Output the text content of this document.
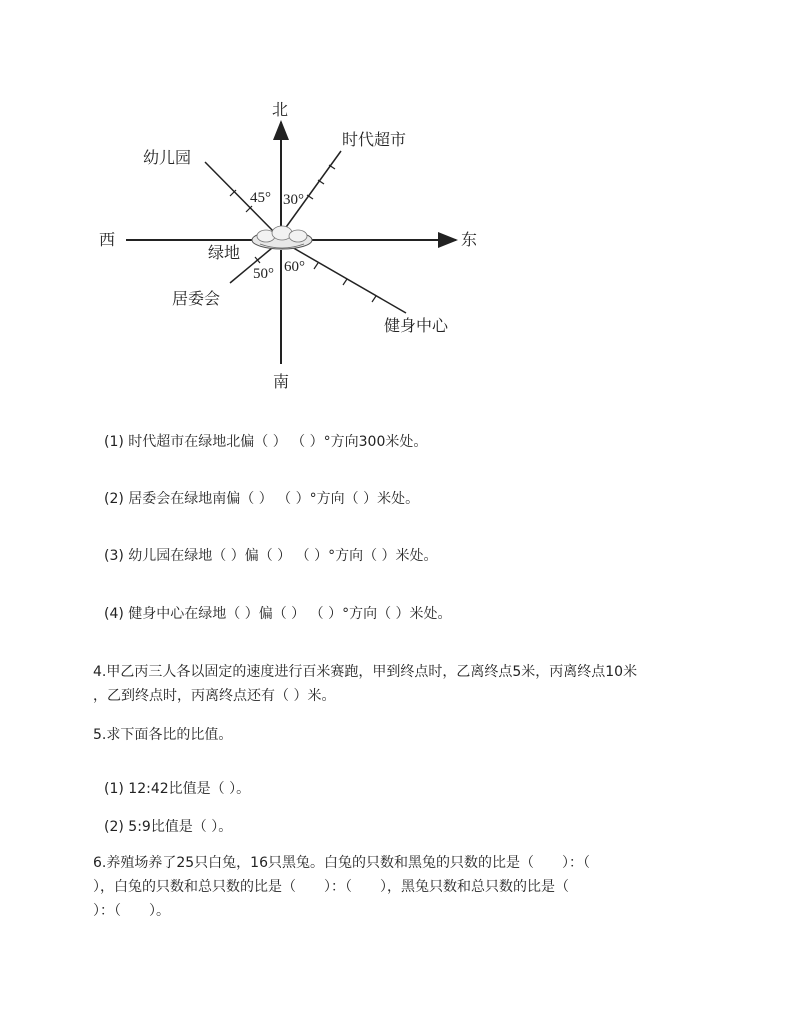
北
南
东
西
绿地
时代超市
幼儿园
居委会
健身中心
45° 30°
50° 60°
(1) 时代超市在绿地北偏（ ） （ ）°方向300米处。
(2) 居委会在绿地南偏（ ） （ ）°方向（ ）米处。
(3) 幼儿园在绿地（ ）偏（ ） （ ）°方向（ ）米处。
(4) 健身中心在绿地（ ）偏（ ） （ ）°方向（ ）米处。

4.甲乙丙三人各以固定的速度进行百米赛跑，甲到终点时，乙离终点5米，丙离终点10米

，乙到终点时，丙离终点还有（ ）米。

5.求下面各比的比值。
(1) 12:42比值是（ ）。
(2) 5:9比值是（ ）。

6.养殖场养了25只白兔，16只黑兔。白兔的只数和黑兔的只数的比是（　　）：（

），白兔的只数和总只数的比是（　　）：（　　），黑兔只数和总只数的比是（

）：（　　）。
